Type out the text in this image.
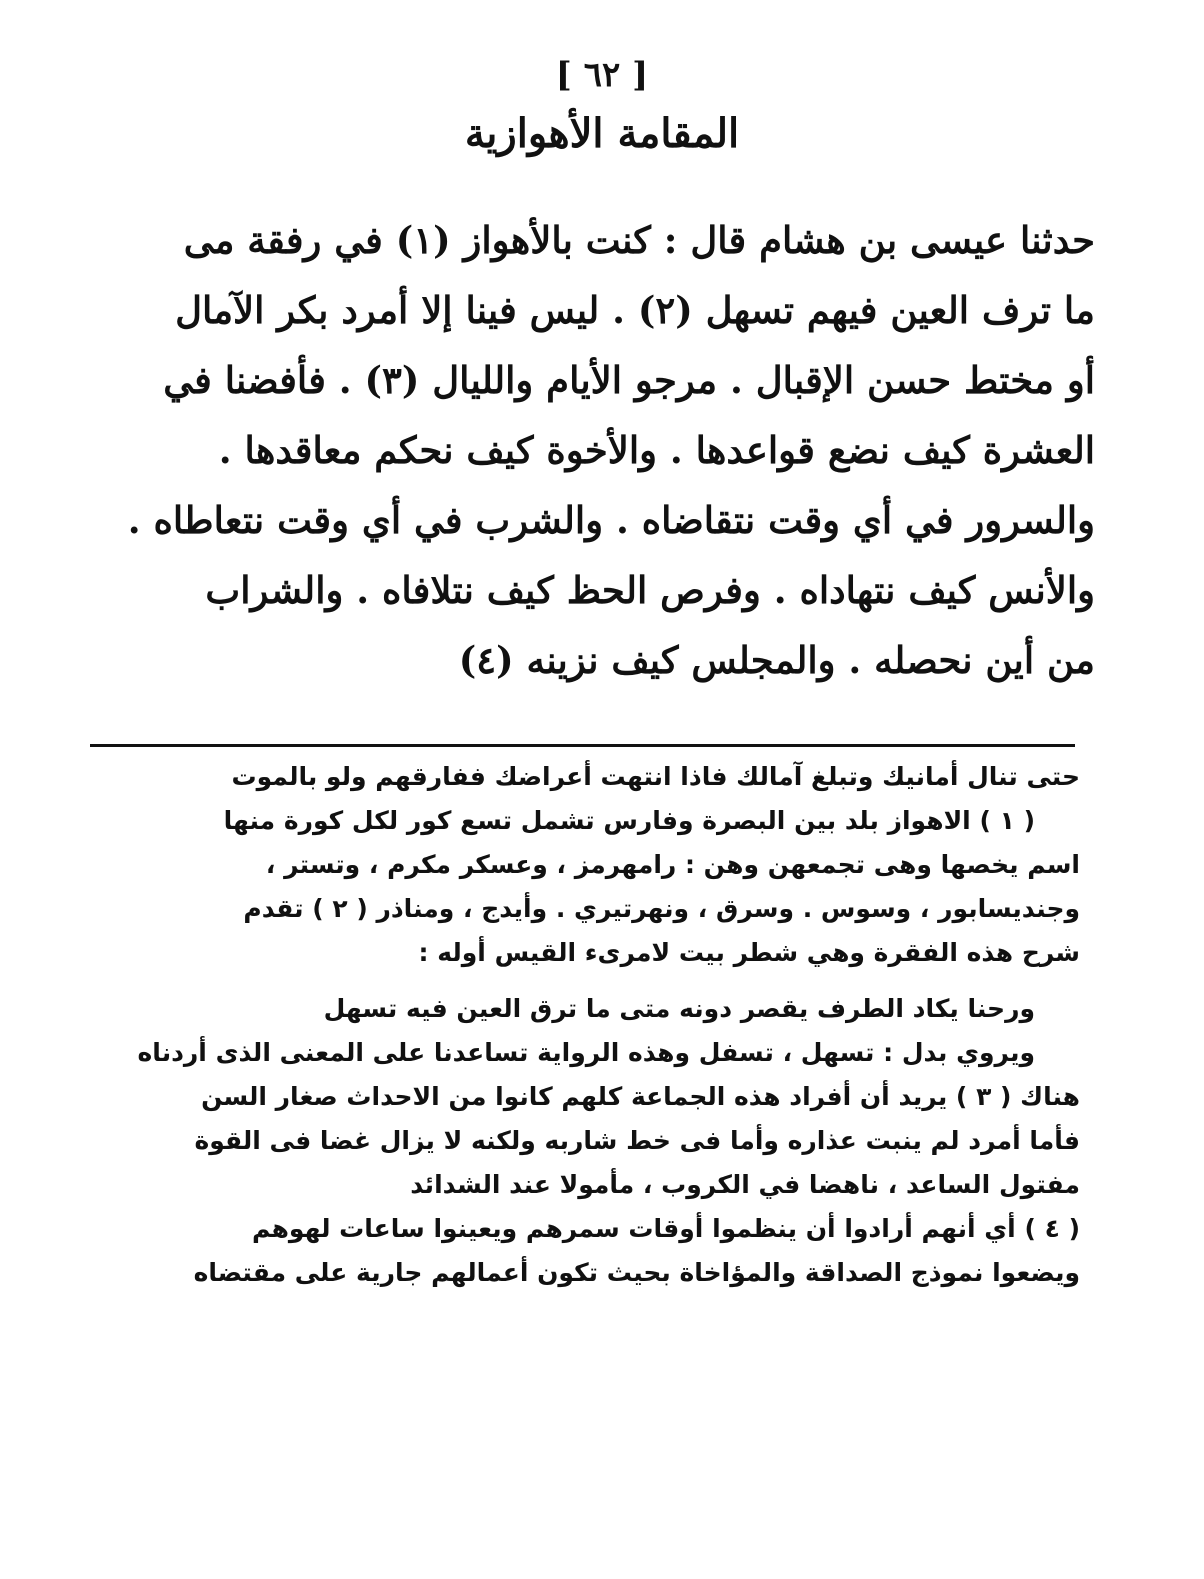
[ ٦٢ ]
المقامة الأهوازية
حدثنا عيسى بن هشام قال : كنت بالأهواز (١) في رفقة مى
ما ترف العين فيهم تسهل (٢) . ليس فينا إلا أمرد بكر الآمال
أو مختط حسن الإقبال . مرجو الأيام والليال (٣) . فأفضنا في
العشرة كيف نضع قواعدها . والأخوة كيف نحكم معاقدها .
والسرور في أي وقت نتقاضاه . والشرب في أي وقت نتعاطاه .
والأنس كيف نتهاداه . وفرص الحظ كيف نتلافاه . والشراب
من أين نحصله . والمجلس كيف نزينه (٤)
حتى تنال أمانيك وتبلغ آمالك فاذا انتهت أعراضك ففارقهم ولو بالموت
( ١ ) الاهواز بلد بين البصرة وفارس تشمل تسع كور لكل كورة منها
اسم يخصها وهى تجمعهن وهن : رامهرمز ، وعسكر مكرم ، وتستر ،
وجنديسابور ، وسوس . وسرق ، ونهرتيري . وأيدج ، ومناذر ( ٢ ) تقدم
شرح هذه الفقرة وهي شطر بيت لامرىء القيس أوله :
ورحنا يكاد الطرف يقصر دونه متى ما ترق العين فيه تسهل
ويروي بدل : تسهل ، تسفل وهذه الرواية تساعدنا على المعنى الذى أردناه
هناك ( ٣ ) يريد أن أفراد هذه الجماعة كلهم كانوا من الاحداث صغار السن
فأما أمرد لم ينبت عذاره وأما فى خط شاربه ولكنه لا يزال غضا فى القوة
مفتول الساعد ، ناهضا في الكروب ، مأمولا عند الشدائد
( ٤ ) أي أنهم أرادوا أن ينظموا أوقات سمرهم ويعينوا ساعات لهوهم
ويضعوا نموذج الصداقة والمؤاخاة بحيث تكون أعمالهم جارية على مقتضاه
